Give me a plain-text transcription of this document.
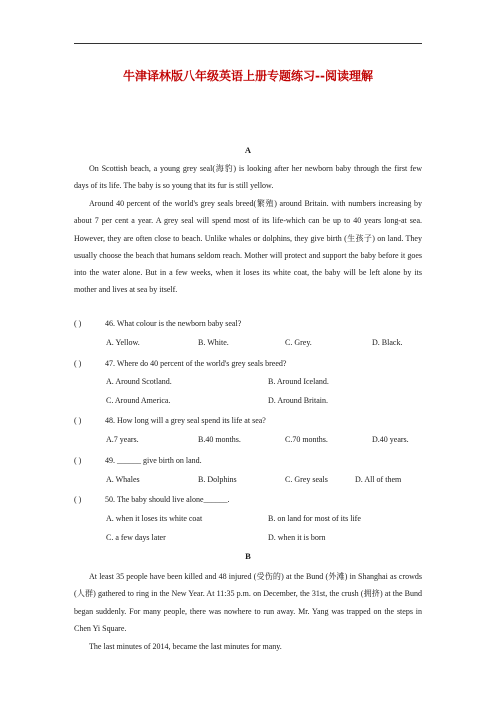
牛津译林版八年级英语上册专题练习--阅读理解
A

On Scottish beach, a young grey seal(海豹) is looking after her newborn baby through the first few days of its life. The baby is so young that its fur is still yellow.

Around 40 percent of the world's grey seals breed(繁殖) around Britain. with numbers increasing by about 7 per cent a year. A grey seal will spend most of its life-which can be up to 40 years long-at sea. However, they are often close to beach. Unlike whales or dolphins, they give birth (生孩子) on land. They usually choose the beach that humans seldom reach. Mother will protect and support the baby before it goes into the water alone. But in a few weeks, when it loses its white coat, the baby will be left alone by its mother and lives at sea by itself.

( )	46. What colour is the newborn baby seal?
A. Yellow.	B. White.	C. Grey.	D. Black.
( )	47. Where do 40 percent of the world's grey seals breed?
A. Around Scotland.	B. Around Iceland.
C. Around America.	D. Around Britain.
( )	48. How long will a grey seal spend its life at sea?
A.7 years.	B.40 months.	C.70 months.	D.40 years.
( )	49. ______ give birth on land.
A. Whales	B. Dolphins	C. Grey seals	D. All of them
( )	50. The baby should live alone______.
A. when it loses its white coat	B. on land for most of its life
C. a few days later	D. when it is born
B

At least 35 people have been killed and 48 injured (受伤的) at the Bund (外滩) in Shanghai as crowds (人群) gathered to ring in the New Year. At 11:35 p.m. on December, the 31st, the crush (拥挤) at the Bund began suddenly. For many people, there was nowhere to run away. Mr. Yang was trapped on the steps in Chen Yi Square.

The last minutes of 2014, became the last minutes for many.
